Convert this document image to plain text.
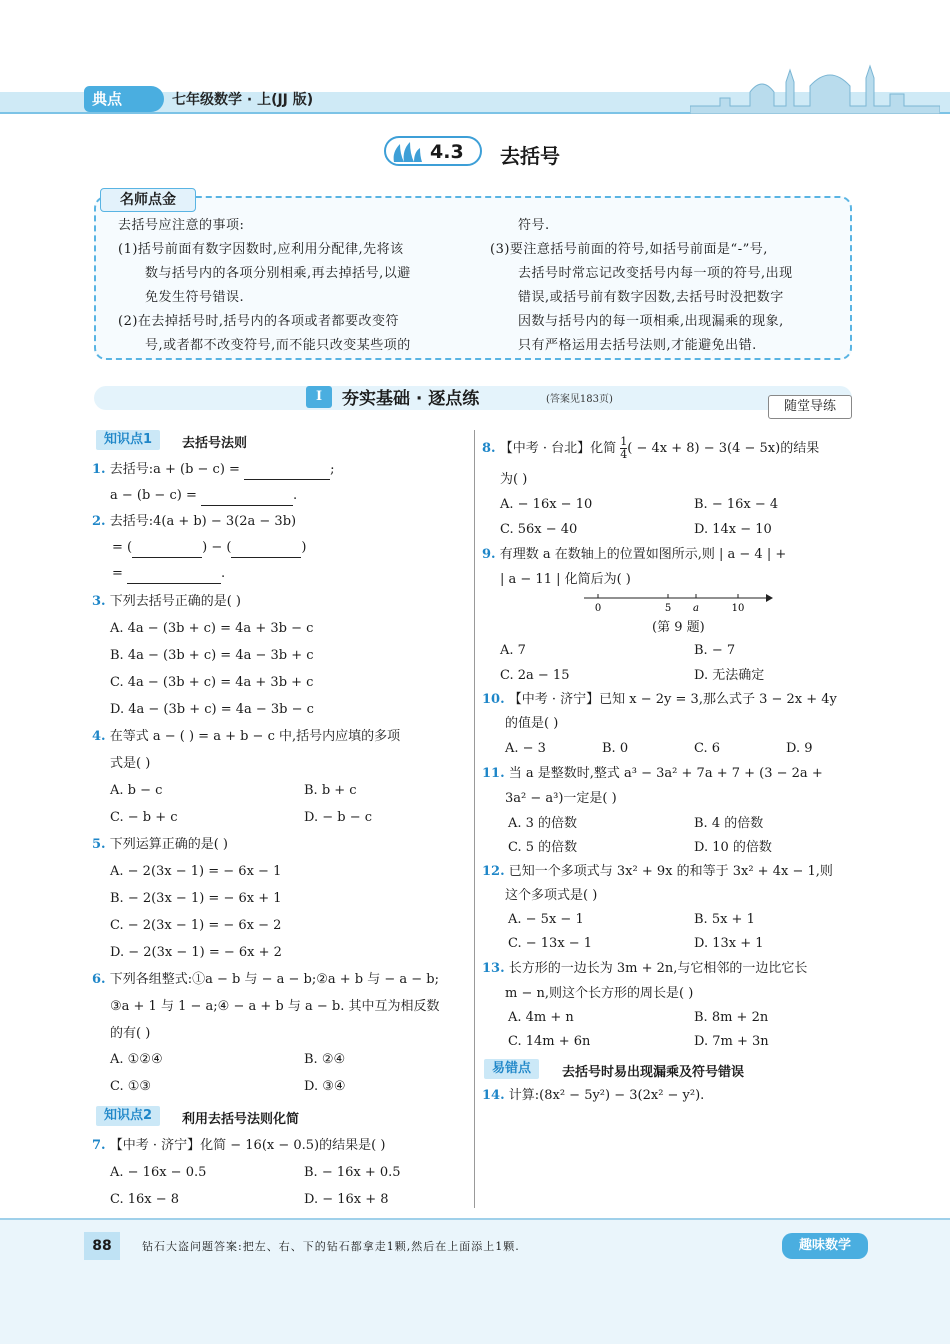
典点	七年级数学 · 上(JJ 版)
4.3 去括号
名师点金
去括号应注意的事项:
(1)括号前面有数字因数时,应利用分配律,先将该
数与括号内的各项分别相乘,再去掉括号,以避
免发生符号错误.
(2)在去掉括号时,括号内的各项或者都要改变符
号,或者都不改变符号,而不能只改变某些项的
符号.
(3)要注意括号前面的符号,如括号前面是“-”号,
去括号时常忘记改变括号内每一项的符号,出现
错误,或括号前有数字因数,去括号时没把数字
因数与括号内的每一项相乘,出现漏乘的现象,
只有严格运用去括号法则,才能避免出错.
I	夯实基础 · 逐点练	(答案见183页)	随堂导练
知识点1	去括号法则
1. 去括号:a + (b − c) =	;
a − (b − c) =	.
2. 去括号:4(a + b) − 3(2a − 3b)
= (	) − (	)
=	.
3. 下列去括号正确的是( )
A. 4a − (3b + c) = 4a + 3b − c
B. 4a − (3b + c) = 4a − 3b + c
C. 4a − (3b + c) = 4a + 3b + c
D. 4a − (3b + c) = 4a − 3b − c
4. 在等式 a − ( ) = a + b − c 中,括号内应填的多项
式是( )
A. b − c	B. b + c
C. − b + c	D. − b − c
5. 下列运算正确的是( )
A. − 2(3x − 1) = − 6x − 1
B. − 2(3x − 1) = − 6x + 1
C. − 2(3x − 1) = − 6x − 2
D. − 2(3x − 1) = − 6x + 2
6. 下列各组整式:①a − b 与 − a − b;②a + b 与 − a − b;
③a + 1 与 1 − a;④ − a + b 与 a − b. 其中互为相反数
的有( )
A. ①②④	B. ②④
C. ①③	D. ③④
知识点2	利用去括号法则化简
7. 【中考 · 济宁】化简 − 16(x − 0.5)的结果是( )
A. − 16x − 0.5	B. − 16x + 0.5
C. 16x − 8	D. − 16x + 8
8. 【中考 · 台北】化简 $\frac{1}{4}$ ( − 4x + 8) − 3(4 − 5x)的结果
为( )
A. − 16x − 10	B. − 16x − 4
C. 56x − 40	D. 14x − 10
9. 有理数 a 在数轴上的位置如图所示,则 | a − 4 | +
| a − 11 | 化简后为( )
0	5 a	10
(第 9 题)
A. 7	B. − 7
C. 2a − 15	D. 无法确定
10. 【中考 · 济宁】已知 x − 2y = 3,那么式子 3 − 2x + 4y
的值是( )
A. − 3	B. 0	C. 6	D. 9
11. 当 a 是整数时,整式 a³ − 3a² + 7a + 7 + (3 − 2a +
3a² − a³)一定是( )
A. 3 的倍数	B. 4 的倍数
C. 5 的倍数	D. 10 的倍数
12. 已知一个多项式与 3x² + 9x 的和等于 3x² + 4x − 1,则
这个多项式是( )
A. − 5x − 1	B. 5x + 1
C. − 13x − 1	D. 13x + 1
13. 长方形的一边长为 3m + 2n,与它相邻的一边比它长
m − n,则这个长方形的周长是( )
A. 4m + n	B. 8m + 2n
C. 14m + 6n	D. 7m + 3n
易错点	去括号时易出现漏乘及符号错误
14. 计算:(8x² − 5y²) − 3(2x² − y²).
88	钻石大盗问题答案:把左、右、下的钻石都拿走1颗,然后在上面添上1颗.	趣味数学
